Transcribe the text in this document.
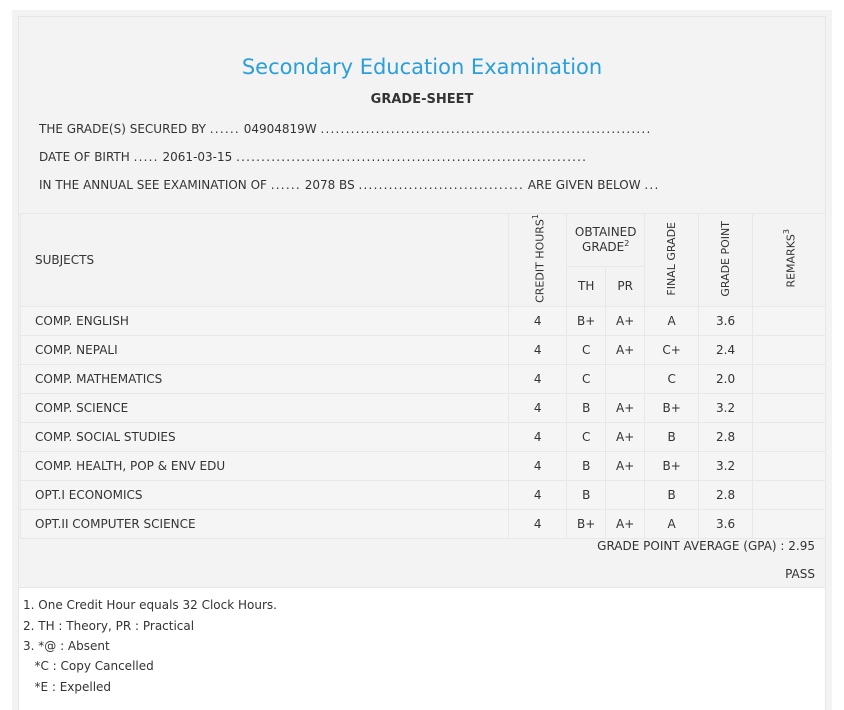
Secondary Education Examination
GRADE-SHEET
THE GRADE(S) SECURED BY ...... 04904819W ..................................................................
DATE OF BIRTH ..... 2061-03-15 ......................................................................
IN THE ANNUAL SEE EXAMINATION OF ...... 2078 BS ................................. ARE GIVEN BELOW ...
SUBJECTS	CREDIT HOURS$^1$	OBTAINED GRADE$^2$		FINAL GRADE	GRADE POINT	REMARKS$^3$
		TH	PR			
COMP. ENGLISH	4	B+	A+	A	3.6	
COMP. NEPALI	4	C	A+	C+	2.4	
COMP. MATHEMATICS	4	C		C	2.0	
COMP. SCIENCE	4	B	A+	B+	3.2	
COMP. SOCIAL STUDIES	4	C	A+	B	2.8	
COMP. HEALTH, POP & ENV EDU	4	B	A+	B+	3.2	
OPT.I ECONOMICS	4	B		B	2.8	
OPT.II COMPUTER SCIENCE	4	B+	A+	A	3.6	
GRADE POINT AVERAGE (GPA) : 2.95
PASS
1. One Credit Hour equals 32 Clock Hours.
2. TH : Theory, PR : Practical
3. *@ : Absent
*C : Copy Cancelled
*E : Expelled
